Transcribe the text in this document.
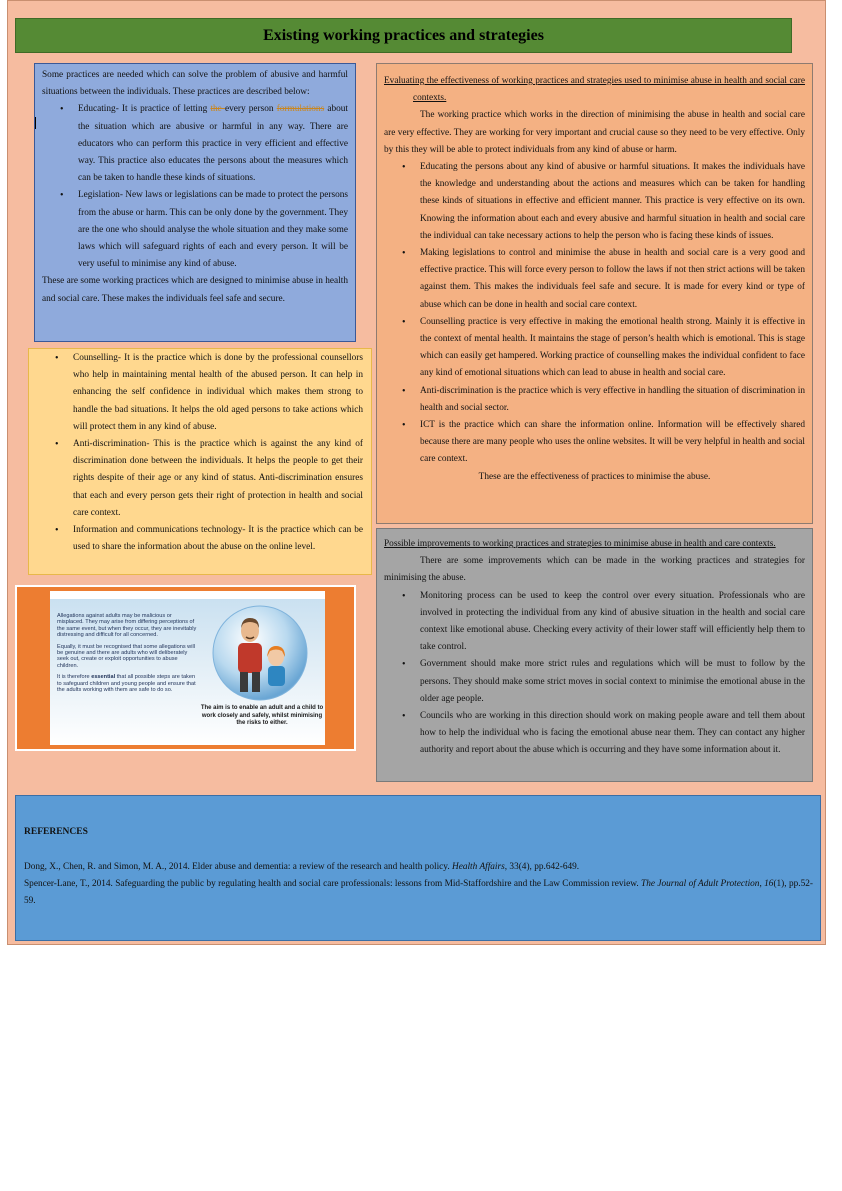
Existing working practices and strategies

Some practices are needed which can solve the problem of abusive and harmful situations between the individuals. These practices are described below:

• Educating- It is practice of letting the every person formulations about the situation which are abusive or harmful in any way. There are educators who can perform this practice in very efficient and effective way. This practice also educates the persons about the measures which can be taken to handle these kinds of situations.
• Legislation- New laws or legislations can be made to protect the persons from the abuse or harm. This can be only done by the government. They are the one who should analyse the whole situation and they make some laws which will safeguard rights of each and every person. It will be very useful to minimise any kind of abuse.

These are some working practices which are designed to minimise abuse in health and social care. These makes the individuals feel safe and secure.

• Counselling- It is the practice which is done by the professional counsellors who help in maintaining mental health of the abused person. It can help in enhancing the self confidence in individual which makes them strong to handle the bad situations. It helps the old aged persons to take actions which will protect them in any kind of abuse.
• Anti-discrimination- This is the practice which is against the any kind of discrimination done between the individuals. It helps the people to get their rights despite of their age or any kind of status. Anti-discrimination ensures that each and every person gets their right of protection in health and social care context.
• Information and communications technology- It is the practice which can be used to share the information about the abuse on the online level.

Allegations against adults may be malicious or misplaced. They may arise from differing perceptions of the same event, but when they occur, they are inevitably distressing and difficult for all concerned.

Equally, it must be recognised that some allegations will be genuine and there are adults who will deliberately seek out, create or exploit opportunities to abuse children.

It is therefore essential that all possible steps are taken to safeguard children and young people and ensure that the adults working with them are safe to do so.

The aim is to enable an adult and a child to work closely and safely, whilst minimising the risks to either.

Evaluating the effectiveness of working practices and strategies used to minimise abuse in health and social care contexts.

The working practice which works in the direction of minimising the abuse in health and social care are very effective. They are working for very important and crucial cause so they need to be very effective. Only by this they will be able to protect individuals from any kind of abuse or harm.

• Educating the persons about any kind of abusive or harmful situations. It makes the individuals have the knowledge and understanding about the actions and measures which can be taken for handling these kinds of situations in effective and efficient manner. This practice is very effective on its own. Knowing the information about each and every abusive and harmful situation in health and social care the individual can take necessary actions to help the person who is facing these kinds of issues.
• Making legislations to control and minimise the abuse in health and social care is a very good and effective practice. This will force every person to follow the laws if not then strict actions will be taken against them. This makes the individuals feel safe and secure. It is made for every kind or type of abuse which can be done in health and social care context.
• Counselling practice is very effective in making the emotional health strong. Mainly it is effective in the context of mental health. It maintains the stage of person’s health which is emotional. This is stage which can easily get hampered. Working practice of counselling makes the individual confident to face any kind of emotional situations which can lead to abuse in health and social care.
• Anti-discrimination is the practice which is very effective in handling the situation of discrimination in health and social sector.
• ICT is the practice which can share the information online. Information will be effectively shared because there are many people who uses the online websites. It will be very helpful in health and social care context.

These are the effectiveness of practices to minimise the abuse.

Possible improvements to working practices and strategies to minimise abuse in health and care contexts.

There are some improvements which can be made in the working practices and strategies for minimising the abuse.

• Monitoring process can be used to keep the control over every situation. Professionals who are involved in protecting the individual from any kind of abusive situation in the health and social care context like emotional abuse. Checking every activity of their lower staff will efficiently help them to take control.
• Government should make more strict rules and regulations which will be must to follow by the persons. They should make some strict moves in social context to minimise the emotional abuse in the older age people.
• Councils who are working in this direction should work on making people aware and tell them about how to help the individual who is facing the emotional abuse near them. They can contact any higher authority and report about the abuse which is occurring and they have some information about it.
REFERENCES

Dong, X., Chen, R. and Simon, M. A., 2014. Elder abuse and dementia: a review of the research and health policy. Health Affairs, 33(4), pp.642-649.

Spencer-Lane, T., 2014. Safeguarding the public by regulating health and social care professionals: lessons from Mid-Staffordshire and the Law Commission review. The Journal of Adult Protection, 16(1), pp.52-59.
